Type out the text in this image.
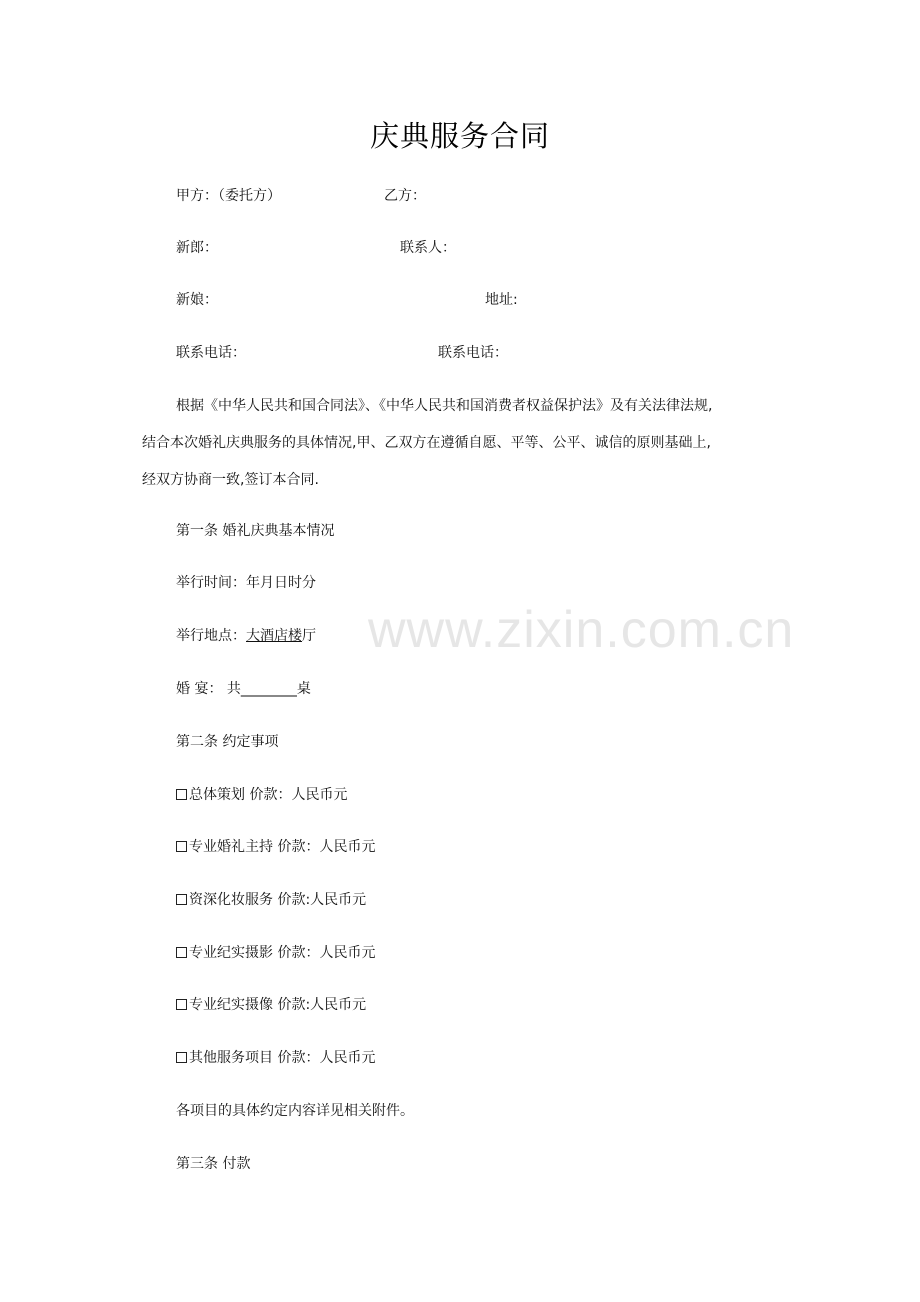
www.zixin.com.cn
庆典服务合同
甲方：（委托方）	乙方：
新郎：	联系人：
新娘：	地址:
联系电话：	联系电话：
根据《中华人民共和国合同法》、《中华人民共和国消费者权益保护法》及有关法律法规,
结合本次婚礼庆典服务的具体情况,甲、乙双方在遵循自愿、平等、公平、诚信的原则基础上,
经双方协商一致,签订本合同.
第一条 婚礼庆典基本情况
举行时间：年月日时分
举行地点：大酒店楼厅
婚 宴： 共________桌
第二条 约定事项
总体策划 价款：人民币元
专业婚礼主持 价款：人民币元
资深化妆服务 价款:人民币元
专业纪实摄影 价款：人民币元
专业纪实摄像 价款:人民币元
其他服务项目 价款：人民币元
各项目的具体约定内容详见相关附件。
第三条 付款
